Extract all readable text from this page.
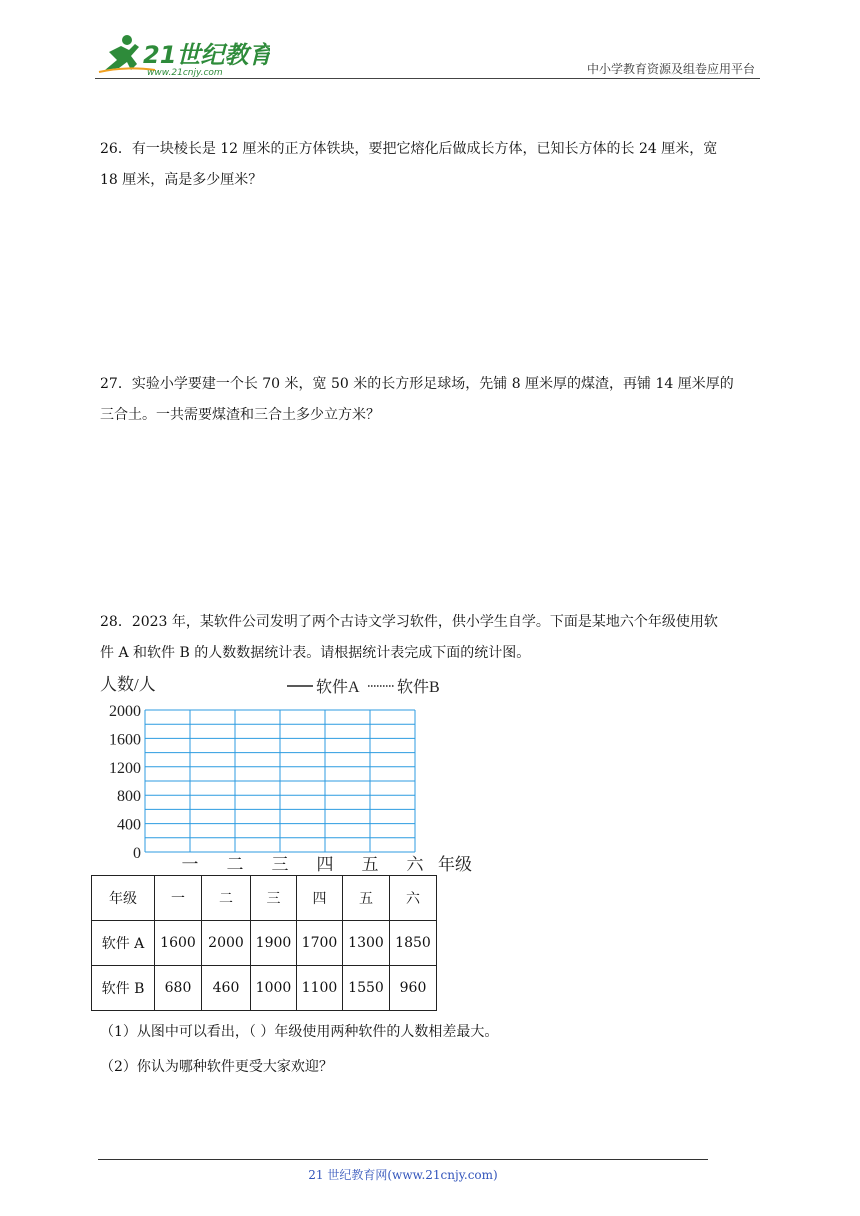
21世纪教育
www.21cnjy.com	中小学教育资源及组卷应用平台
26．有一块棱长是 12 厘米的正方体铁块，要把它熔化后做成长方体，已知长方体的长 24 厘米，宽
18 厘米，高是多少厘米？
27．实验小学要建一个长 70 米，宽 50 米的长方形足球场，先铺 8 厘米厚的煤渣，再铺 14 厘米厚的
三合土。一共需要煤渣和三合土多少立方米？
28．2023 年，某软件公司发明了两个古诗文学习软件，供小学生自学。下面是某地六个年级使用软
件 A 和软件 B 的人数数据统计表。请根据统计表完成下面的统计图。
人数/人	软件A 软件B
0
400
800
1200
1600
2000
一 二 三 四 五 六 年级
年级	一	二	三	四	五	六
软件 A	1600	2000	1900	1700	1300	1850
软件 B	680	460	1000	1100	1550	960
（1）从图中可以看出，（ ）年级使用两种软件的人数相差最大。
（2）你认为哪种软件更受大家欢迎？
21 世纪教育网(www.21cnjy.com)
